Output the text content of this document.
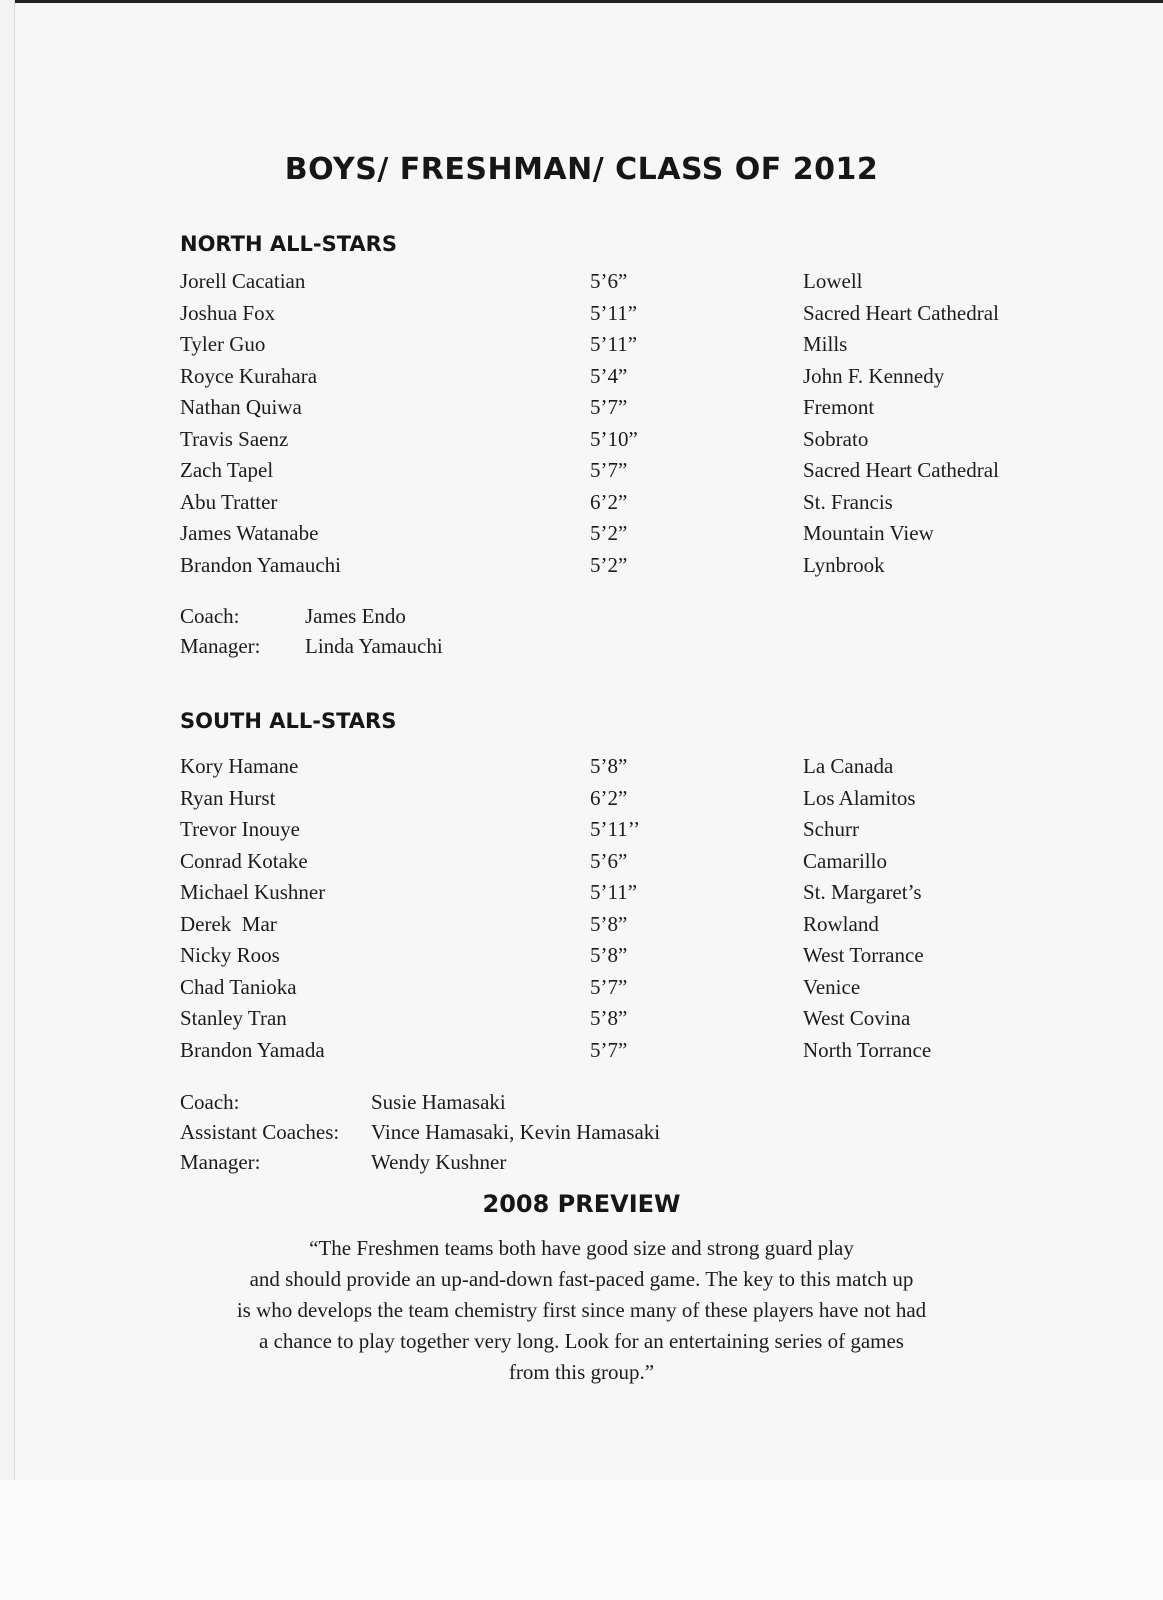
BOYS/ FRESHMAN/ CLASS OF 2012
NORTH ALL-STARS
Jorell Cacatian	5’6”	Lowell
Joshua Fox	5’11”	Sacred Heart Cathedral
Tyler Guo	5’11”	Mills
Royce Kurahara	5’4”	John F. Kennedy
Nathan Quiwa	5’7”	Fremont
Travis Saenz	5’10”	Sobrato
Zach Tapel	5’7”	Sacred Heart Cathedral
Abu Tratter	6’2”	St. Francis
James Watanabe	5’2”	Mountain View
Brandon Yamauchi	5’2”	Lynbrook
Coach:	James Endo
Manager: Linda Yamauchi
SOUTH ALL-STARS
Kory Hamane	5’8”	La Canada
Ryan Hurst	6’2”	Los Alamitos
Trevor Inouye	5’11’’	Schurr
Conrad Kotake	5’6”	Camarillo
Michael Kushner	5’11”	St. Margaret’s
Derek  Mar	5’8”	Rowland
Nicky Roos	5’8”	West Torrance
Chad Tanioka	5’7”	Venice
Stanley Tran	5’8”	West Covina
Brandon Yamada	5’7”	North Torrance
Coach:	Susie Hamasaki
Assistant Coaches: Vince Hamasaki, Kevin Hamasaki
Manager:	Wendy Kushner
2008 PREVIEW
“The Freshmen teams both have good size and strong guard play
and should provide an up-and-down fast-paced game. The key to this match up
is who develops the team chemistry first since many of these players have not had
a chance to play together very long. Look for an entertaining series of games
from this group.”
